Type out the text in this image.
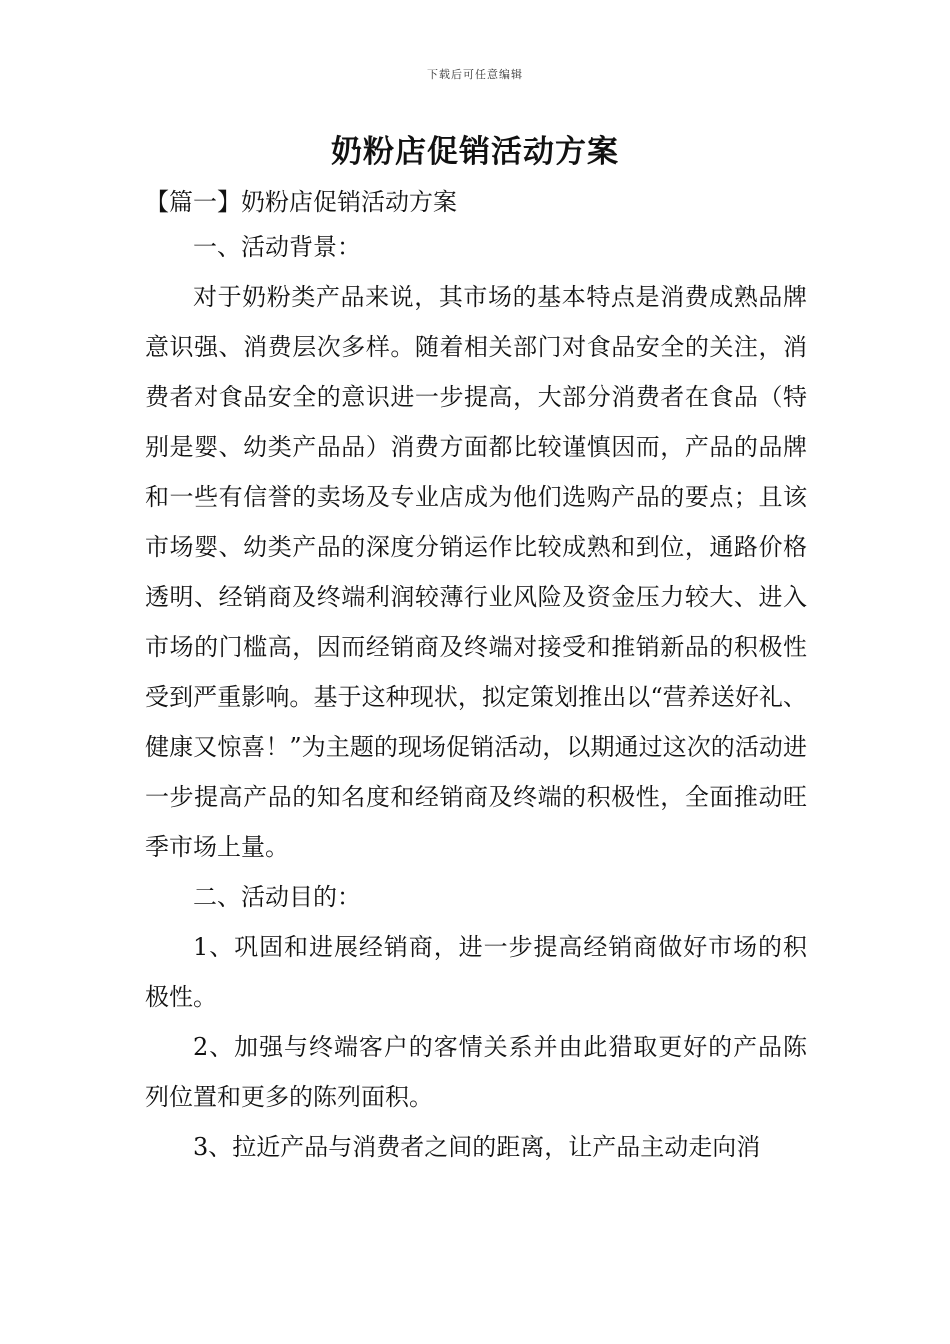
下载后可任意编辑
奶粉店促销活动方案
【篇一】奶粉店促销活动方案

一、活动背景：

对于奶粉类产品来说，其市场的基本特点是消费成熟品牌意识强、消费层次多样。随着相关部门对食品安全的关注，消费者对食品安全的意识进一步提高，大部分消费者在食品（特别是婴、幼类产品品）消费方面都比较谨慎因而，产品的品牌和一些有信誉的卖场及专业店成为他们选购产品的要点；且该市场婴、幼类产品的深度分销运作比较成熟和到位，通路价格透明、经销商及终端利润较薄行业风险及资金压力较大、进入市场的门槛高，因而经销商及终端对接受和推销新品的积极性受到严重影响。基于这种现状，拟定策划推出以“营养送好礼、健康又惊喜！”为主题的现场促销活动，以期通过这次的活动进一步提高产品的知名度和经销商及终端的积极性，全面推动旺季市场上量。

二、活动目的：

1、巩固和进展经销商，进一步提高经销商做好市场的积极性。

2、加强与终端客户的客情关系并由此猎取更好的产品陈列位置和更多的陈列面积。

3、拉近产品与消费者之间的距离，让产品主动走向消
